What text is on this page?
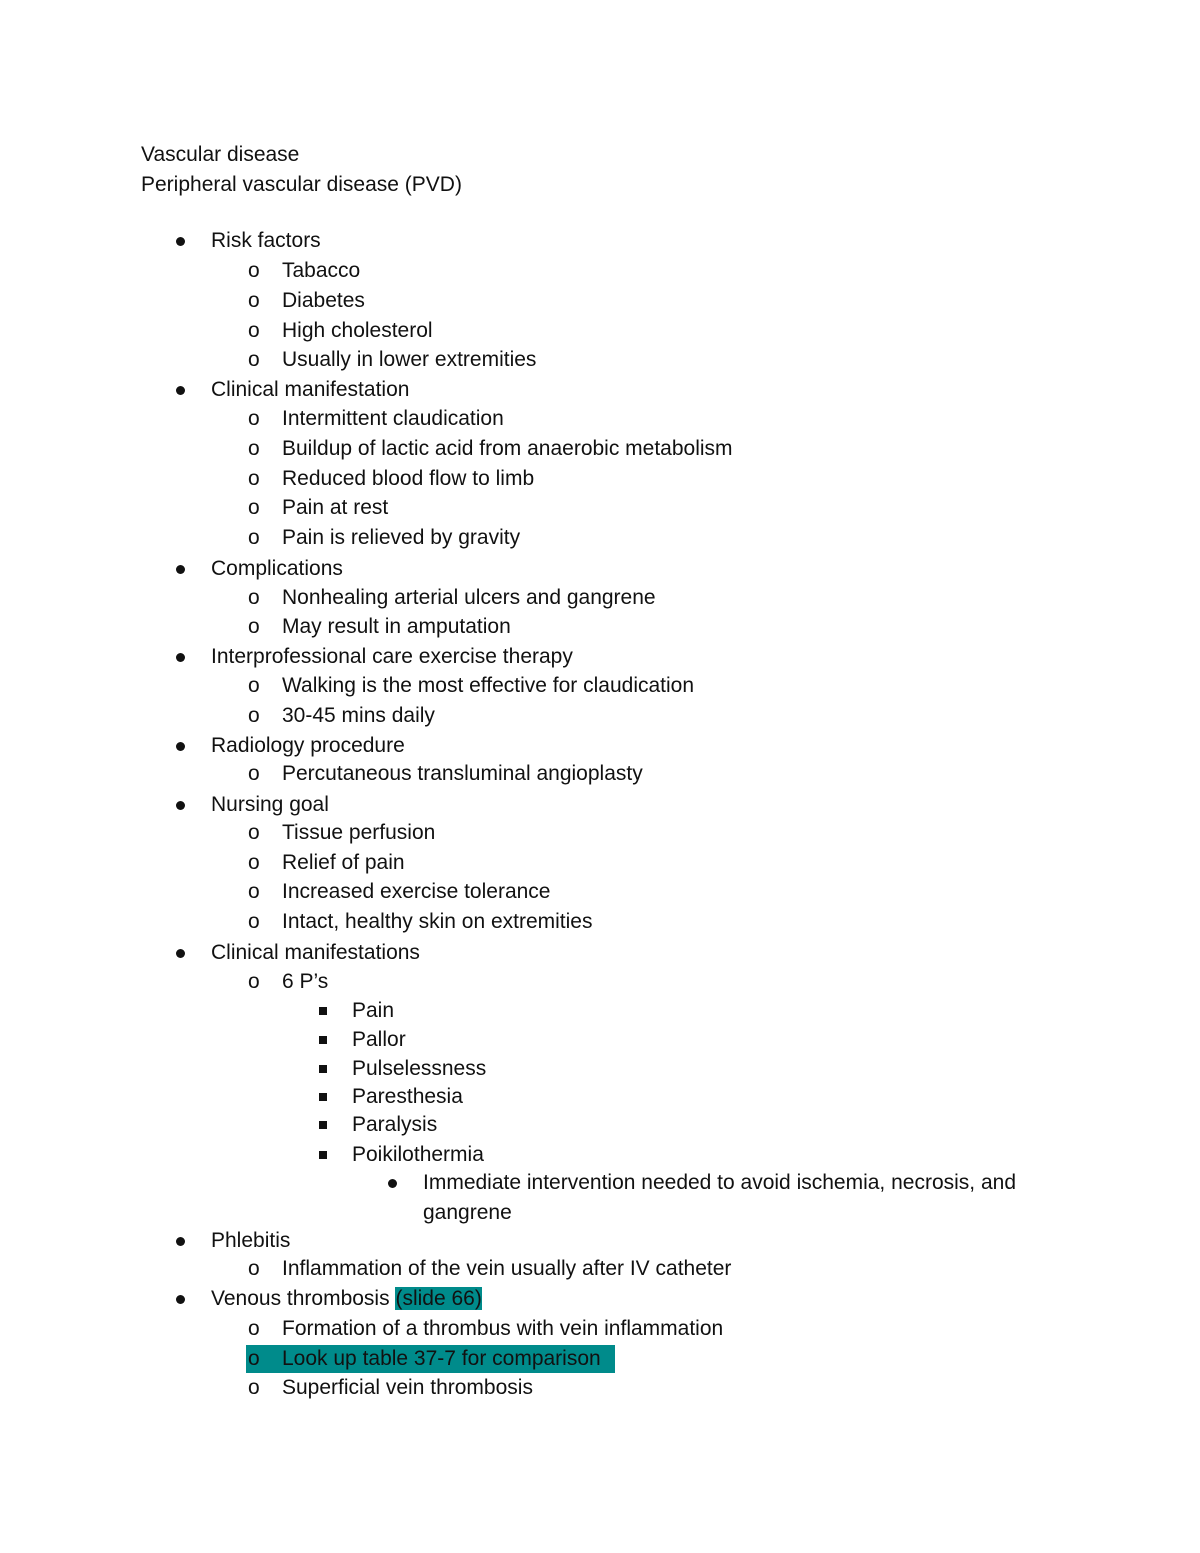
Vascular disease
Peripheral vascular disease (PVD)
Risk factors
o Tabacco
o Diabetes
o High cholesterol
o Usually in lower extremities
Clinical manifestation
o Intermittent claudication
o Buildup of lactic acid from anaerobic metabolism
o Reduced blood flow to limb
o Pain at rest
o Pain is relieved by gravity
Complications
o Nonhealing arterial ulcers and gangrene
o May result in amputation
Interprofessional care exercise therapy
o Walking is the most effective for claudication
o 30-45 mins daily
Radiology procedure
o Percutaneous transluminal angioplasty
Nursing goal
o Tissue perfusion
o Relief of pain
o Increased exercise tolerance
o Intact, healthy skin on extremities
Clinical manifestations
o 6 P’s
Pain
Pallor
Pulselessness
Paresthesia
Paralysis
Poikilothermia
Immediate intervention needed to avoid ischemia, necrosis, and
gangrene
Phlebitis
o Inflammation of the vein usually after IV catheter
Venous thrombosis (slide 66)
o Formation of a thrombus with vein inflammation
o Look up table 37-7 for comparison
o Superficial vein thrombosis
